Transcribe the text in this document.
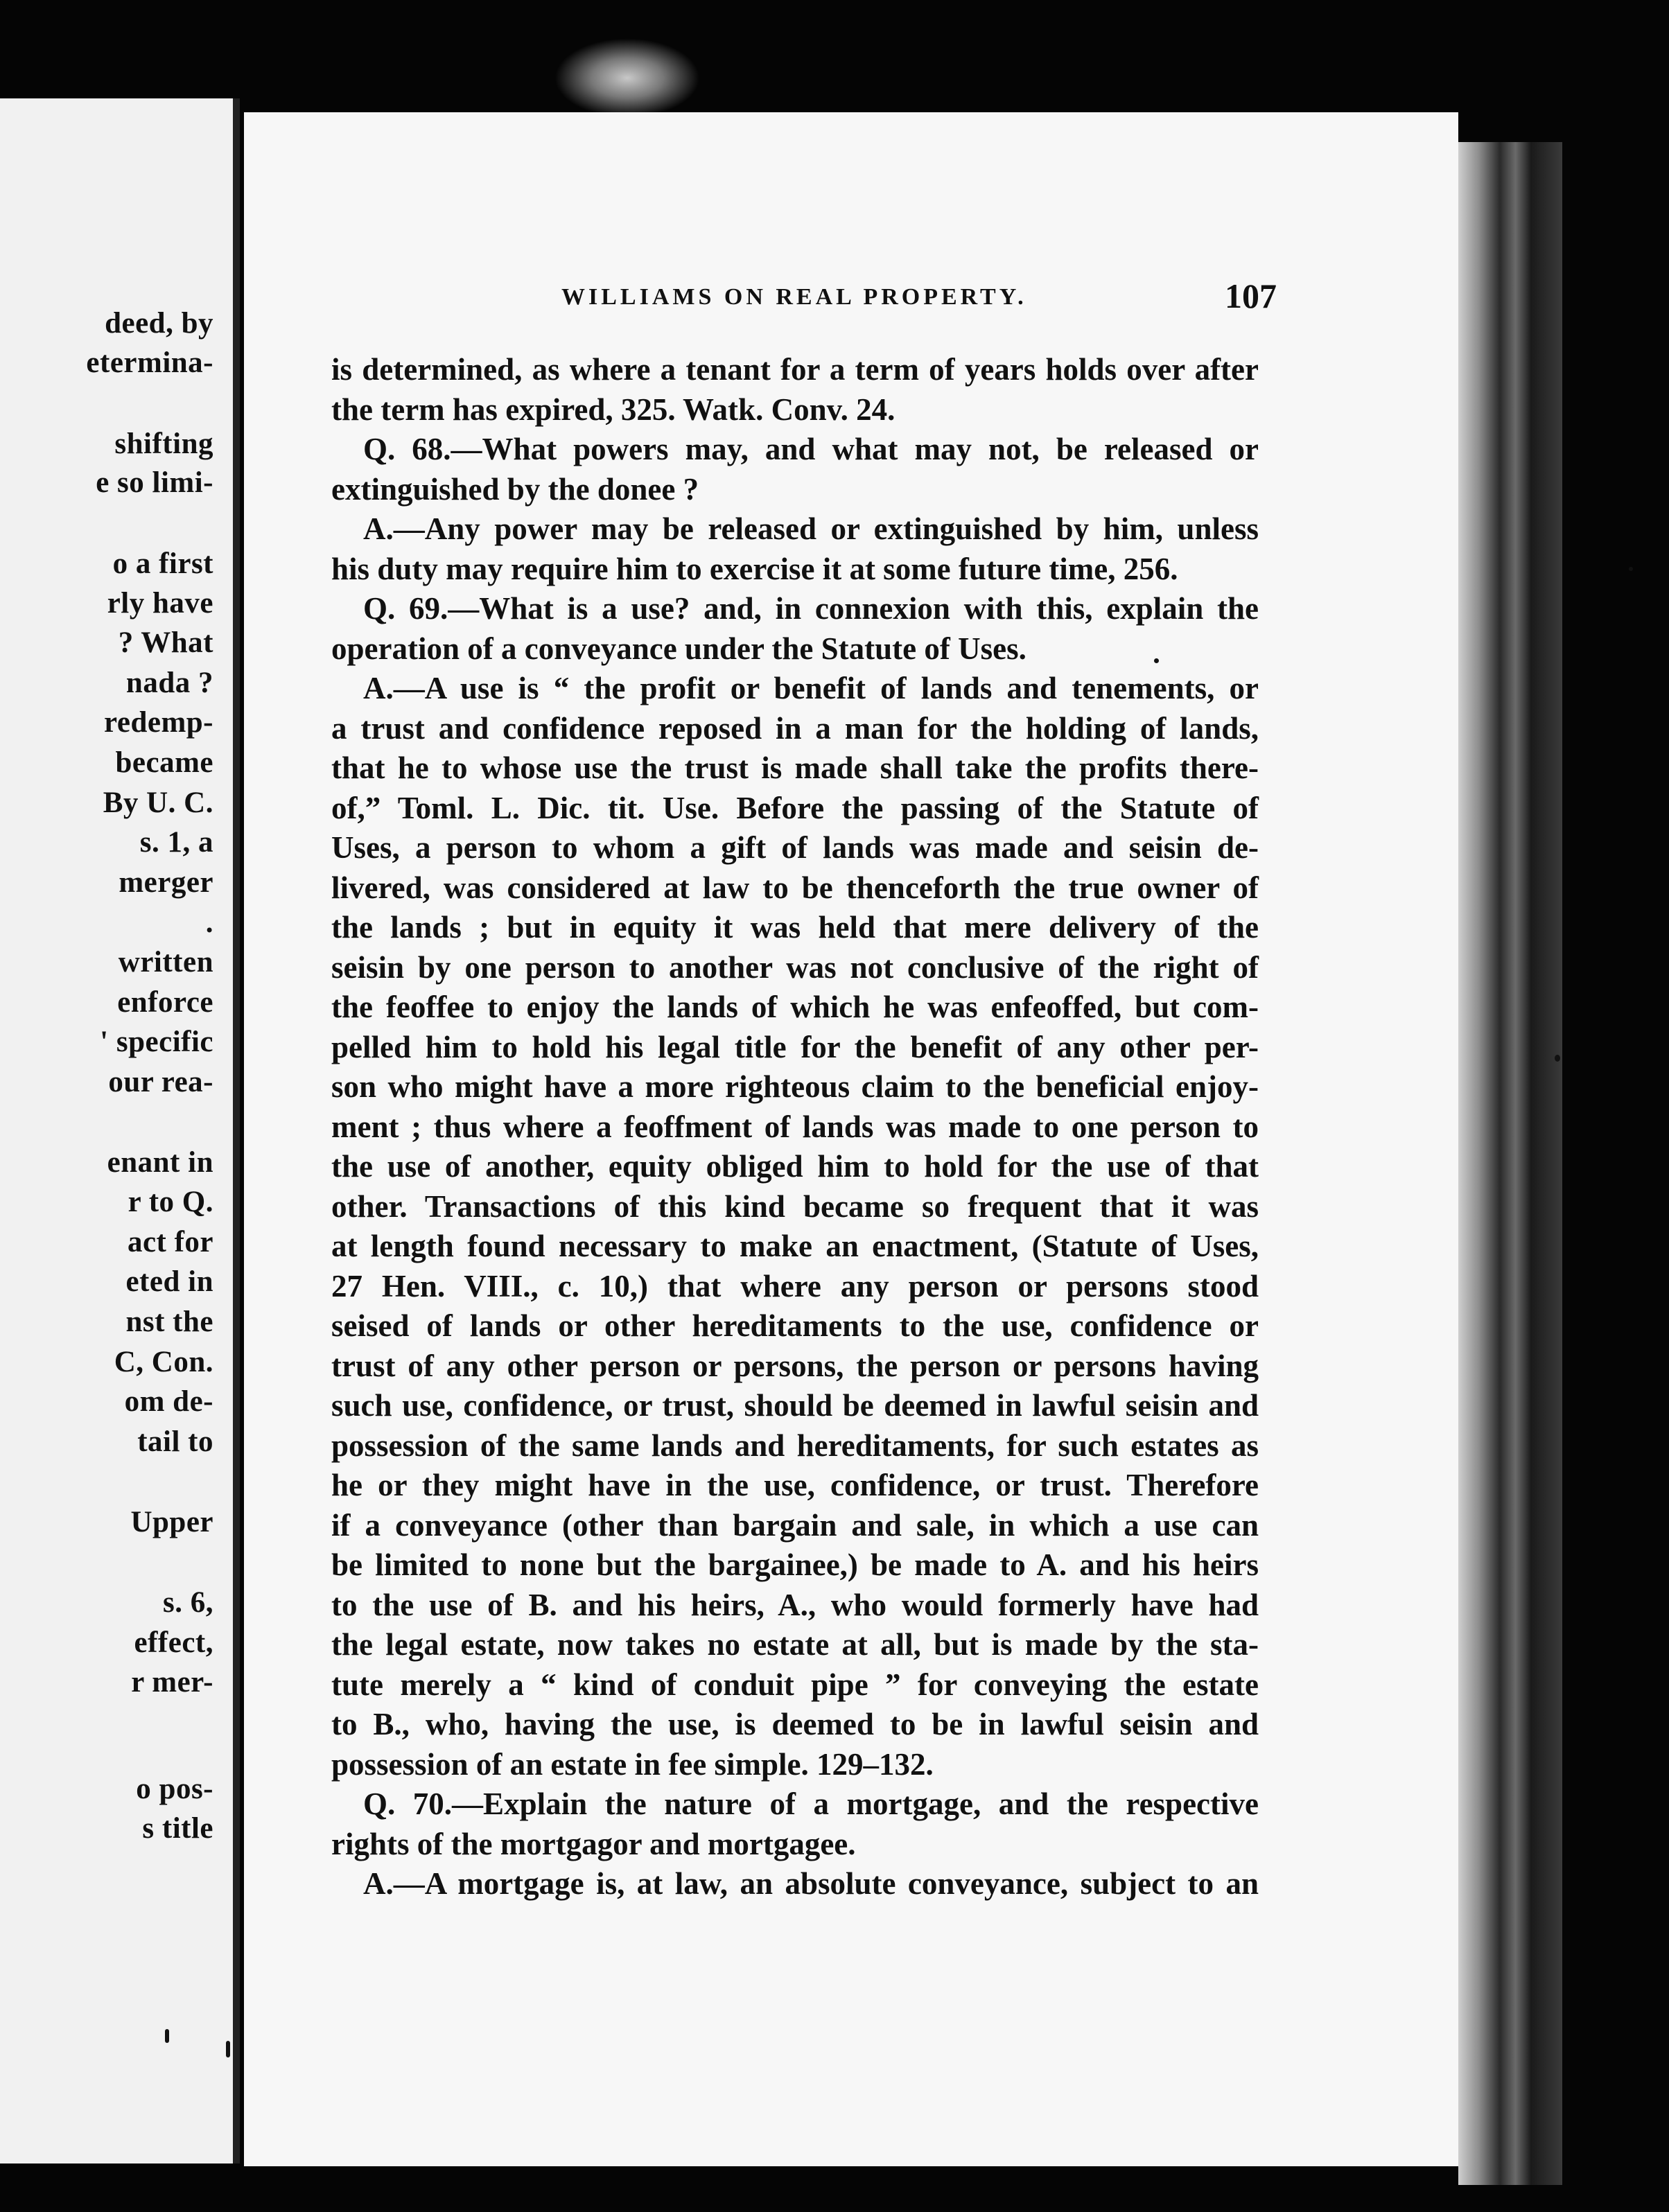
deed, by
etermina-
shifting
e so limi-
o a first
rly have
? What
nada ?
redemp-
became
By U. C.
s. 1, a
merger
.
written
enforce
' specific
our rea-
enant in
r to Q.
act for
eted in
nst the
C, Con.
om de-
tail to
Upper
s. 6,
effect,
r mer-
o pos-
s title
WILLIAMS ON REAL PROPERTY.	107
is determined, as where a tenant for a term of years holds over after
the term has expired, 325. Watk. Conv. 24.
Q. 68.—What powers may, and what may not, be released or
extinguished by the donee ?
A.—Any power may be released or extinguished by him, unless
his duty may require him to exercise it at some future time, 256.
Q. 69.—What is a use? and, in connexion with this, explain the
operation of a conveyance under the Statute of Uses.
A.—A use is “ the profit or benefit of lands and tenements, or
a trust and confidence reposed in a man for the holding of lands,
that he to whose use the trust is made shall take the profits there-
of,” Toml. L. Dic. tit. Use. Before the passing of the Statute of
Uses, a person to whom a gift of lands was made and seisin de-
livered, was considered at law to be thenceforth the true owner of
the lands ; but in equity it was held that mere delivery of the
seisin by one person to another was not conclusive of the right of
the feoffee to enjoy the lands of which he was enfeoffed, but com-
pelled him to hold his legal title for the benefit of any other per-
son who might have a more righteous claim to the beneficial enjoy-
ment ; thus where a feoffment of lands was made to one person to
the use of another, equity obliged him to hold for the use of that
other. Transactions of this kind became so frequent that it was
at length found necessary to make an enactment, (Statute of Uses,
27 Hen. VIII., c. 10,) that where any person or persons stood
seised of lands or other hereditaments to the use, confidence or
trust of any other person or persons, the person or persons having
such use, confidence, or trust, should be deemed in lawful seisin and
possession of the same lands and hereditaments, for such estates as
he or they might have in the use, confidence, or trust. Therefore
if a conveyance (other than bargain and sale, in which a use can
be limited to none but the bargainee,) be made to A. and his heirs
to the use of B. and his heirs, A., who would formerly have had
the legal estate, now takes no estate at all, but is made by the sta-
tute merely a “ kind of conduit pipe ” for conveying the estate
to B., who, having the use, is deemed to be in lawful seisin and
possession of an estate in fee simple. 129–132.
Q. 70.—Explain the nature of a mortgage, and the respective
rights of the mortgagor and mortgagee.
A.—A mortgage is, at law, an absolute conveyance, subject to an
